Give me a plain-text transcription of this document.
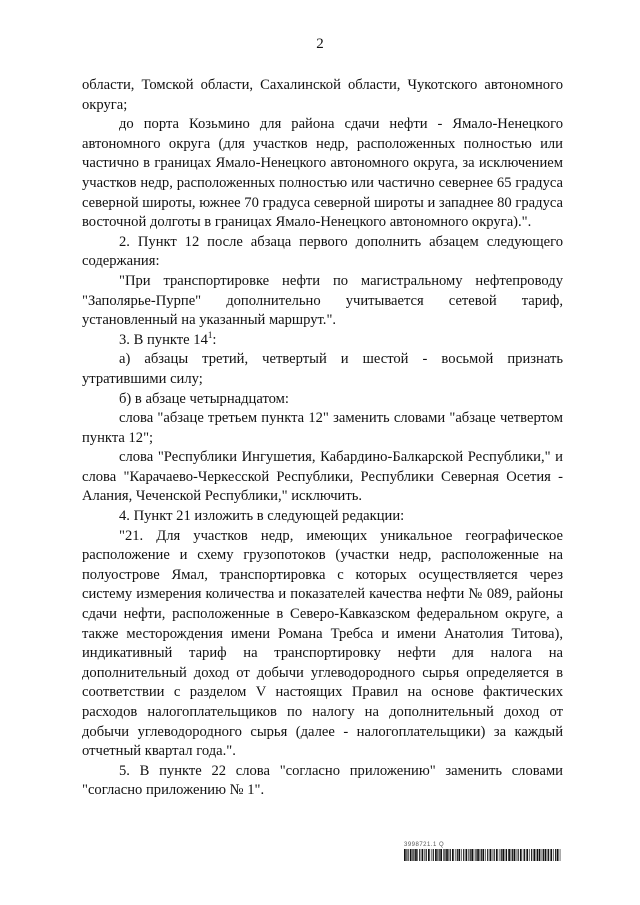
2

области, Томской области, Сахалинской области, Чукотского автономного округа;

до порта Козьмино для района сдачи нефти - Ямало-Ненецкого автономного округа (для участков недр, расположенных полностью или частично в границах Ямало-Ненецкого автономного округа, за исключением участков недр, расположенных полностью или частично севернее 65 градуса северной широты, южнее 70 градуса северной широты и западнее 80 градуса восточной долготы в границах Ямало-Ненецкого автономного округа).".

2. Пункт 12 после абзаца первого дополнить абзацем следующего содержания:

"При транспортировке нефти по магистральному нефтепроводу "Заполярье-Пурпе" дополнительно учитывается сетевой тариф, установленный на указанный маршрут.".

3. В пункте $14^1$:

а) абзацы третий, четвертый и шестой - восьмой признать утратившими силу;

б) в абзаце четырнадцатом:

слова "абзаце третьем пункта 12" заменить словами "абзаце четвертом пункта 12";

слова "Республики Ингушетия, Кабардино-Балкарской Республики," и слова "Карачаево-Черкесской Республики, Республики Северная Осетия - Алания, Чеченской Республики," исключить.

4. Пункт 21 изложить в следующей редакции:

"21. Для участков недр, имеющих уникальное географическое расположение и схему грузопотоков (участки недр, расположенные на полуострове Ямал, транспортировка с которых осуществляется через систему измерения количества и показателей качества нефти № 089, районы сдачи нефти, расположенные в Северо-Кавказском федеральном округе, а также месторождения имени Романа Требса и имени Анатолия Титова), индикативный тариф на транспортировку нефти для налога на дополнительный доход от добычи углеводородного сырья определяется в соответствии с разделом V настоящих Правил на основе фактических расходов налогоплательщиков по налогу на дополнительный доход от добычи углеводородного сырья (далее - налогоплательщики) за каждый отчетный квартал года.".

5. В пункте 22 слова "согласно приложению" заменить словами "согласно приложению № 1".

3998721.1 Q
